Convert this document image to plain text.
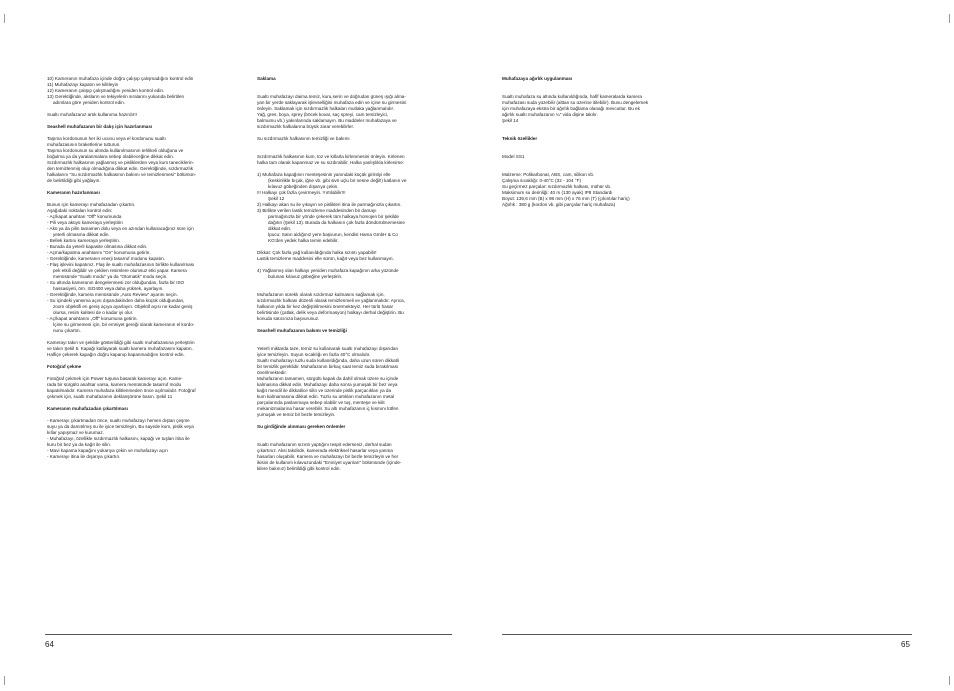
10) Kameranın muhafaza içinde doğru çalışıp çalışmadığını kontrol edin

11) Muhafazayı kapatın ve kilitleyin

12) Kameranın çalışıp çalışmadığını yeniden kontrol edin.

13) Gerektiğinde, aksların ve tekiyelerin sıralarını yukarıda belirtilen

adımlara göre yeniden kontrol edin.

Sualtı muhafazanız artık kullanıma hazırdır!!

Seashell muhafazanın bir dalış için hazırlanması

Taşıma kordonunun her iki ucunu veya el kordonunu sualtı

muhafazasının braketlerine tutturun.

Taşıma kordonunun su altında kullanılmasının tehlikeli olduğuna ve

boğulma ya da yaralanmalara sebep olabileceğine dikkat edin.

Sızdırmazlık halkasının yağlanmış ve pisliklerden veya kum taneciklerin-

den temizlenmiş olup olmadığına dikkat edin. Gerektiğinde, sızdırmazlık

halkalarını "Su sızdırmazlık halkasının bakımı ve temizlenmesi" bölümün-

de belirtildiği gibi yağlayın.

Kameranın hazırlanması

Bunun için kamerayı muhafazadan çıkartın.

Aşağıdaki noktaları kontrol edin:

- Aç/kapat anahtarı "Off" konumunda

- Pili veya aküyü kameraya yerleştirin

- Akü ya da pilin tamamen dolu veya en azından kullanacağınız süre için

yeterli olmasına dikkat edin.

- Bellek kartını kameraya yerleştirin.

- Burada da yeterli kapasite olmasına dikkat edin.

- Açma/kapatma anahtarını "On" konumuna getirin.

- Gerektiğinde, kameranın enerji tasarruf modunu kapatın.

- Flaş işlevini kapatınız. Flaş ile sualtı muhafazasının birlikte kullanılması

pek etkili değildir ve çekilen resimlere olumsuz etki yapar. Kamera

menüsünde "Sualtı modu" ya da "Otomatik" modu seçin.

- Su altında kameranın dengelenmesi zor olduğundan, fazla bir ISO

hassasiyeti, örn. ISO400 veya daha yüksek, ayarlayın.

- Gerektiğinde, kamera menüsünde „Auto Review" ayarını seçin.

- Su içindeki yansıma açısı dışarıdakinden daha küçük olduğundan,

zoom objektifi en geniş açıya ayarlayın. Objektif açısı ne kadar geniş

olursa, resim kalitesi de o kadar iyi olur.

- Aç/kapat anahtarını „Off" konumuna getirin.

İçine su girmemesi için, bir emniyet gereği olarak kameranın el kordo-

nunu çıkartın.

Kamerayı takın ve şekilde gösterildiği gibi sualtı muhafazasına yerleştirin

ve takın Şekil 5. Kapağı katlayarak sualtı kamera muhafazasını kapatın.

Halfiçe çekerek kapağın doğru kapanıp kapanmadığını kontrol edin.

Fotoğraf çekme

Fotoğraf çekmek için Power tuşuna basarak kamerayı açın. Kame-

rada bir sürgülü anahtar varsa, kamera menüsünde tasarruf modu

kapatılmalıdır. Kamera muhafaza kilitlenmeden önce açılmalıdır. Fotoğraf

çekmek için, sualtı muhafazanın deklanşörüne basın. Şekil 11

Kameranın muhafazadan çıkartılması

- Kamerayı çıkartmadan önce, sualtı muhafazayı hemen dıştan çeşme

suyu ya da damıtılmış su ile iyice temizleyin, Bu sayede kum, pislik veya

kıllar yapışmaz ve kurumaz.

- Muhafazayı, özellikle sızdırmazlık halkasını, kapağı ve tuşları itina ile

kuru bir bez ya da kağıt ile silin.

- Mavi kapama kapağını yukarıya çekin ve muhafazayı açın

- Kamerayı itina ile dışarıya çıkartın.

Saklama

Sualtı muhafazayı daima temiz, kuru,serin ve doğrudan güneş ışığı alma-

yan bir yerde saklayarak işlevselliğini muhafaza edin ve içine su girmesini

önleyin. Saklamak için sızdırmazlık halkaları mutlaka yağlanmalıdır.

Yağ, gres, boya, sprey (böcek kovar, saç spreyi, cam temizleyici,

balmumu vb.) yakınlarında saklamayın. Bu maddeler muhafazaya ve

sızdırmazlık halkalarına büyük zarar verebilirler.

Su sızdırmazlık halkasının temizliği ve bakımı

Sızdırmazlık halkasının kum, toz ve kıllarla kirlenmesini önleyin. Kirlenen

halka tam olarak kapanmaz ve su sızdırabilir. Halka yanlışlıkla kirlenirse:

1) Muhafaza kapağının menteşesinin yanındaki küçük girintiyi elle

(keskinlikle bıçak, iğne vb. gibi sivri uçlu bir nesne değil!) katlanın ve

kılavuz göbeğinden dışarıya çekin.

!!! Halkayı çok fazla çevirmeyin. Yırtılabilir!!!

Şekil 12

2) Halkayı akan su ile yıkayın ve pislikleri itina ile parmağınızla çıkartın.

3) Birlikte verilen lastik temizleme maddesinden bir damayı

parmağınızla bir yönde çekerek tüm halkaya homojen bir şekilde

dağıtın (Şekil 13). Burada da halkanın çok fazla döndürülmemesine

dikkat edin.

İpucu: Satın aldığınız yere başvurun, kendisi Hama GmbH & Co

KG'den yedek halka temin edebilir.

Dikkat: Çok fazla yağ kullanıldığında halka sızıntı yapabilir!

Lastik temizleme maddesini elle sürün, kağıt veya bez kullanmayın.

4) Yağlanmış olan halkayı yeniden muhafaza kapağının arka yüzünde

bulunan kılavuz göbeğine yerleştirin.

Muhafazanın süreklı olarak sızdırmaz kalmasını sağlamak için,

sızdırmazlık halkası düzenli olarak temizlenmeli ve yağlanmalıdır. Ayrıca,

halkanın yılda bir kez değiştirilmesini önermekteyiz. Her türlü hasar

belirtisinde (çatlak, delik veya deformasyon) halkayı derhal değiştirin. Bu

konuda satıcınıza başvurunuz.

Seashell muhafazanın bakımı ve temizliği

Yeterli miktarda taze, temiz su kullanarak sualtı muhafazayı dışarıdan

iyice temizleyin. Suyun sıcaklığı en fazla 40°C olmalıdır.

Sualtı muhafazayı tuzlu suda kullanıldığında, daha uzun süren dikkatli

bir temizlik gereklidir. Muhafazanın birkaç saat temiz suda bırakılması

önerilmektedir.

Muhafazanın tamamen, sürgülü kapak da dahil olmak üzere su içinde

kalmasına dikkat edin. Muhafazayı daha sonra yumuşak bir bez veya

kağıt mendil ile dikkatlice silin ve üzerinde pislik parçacıkları ya da

kum kalmamasına dikkat edin. Tuzlu su artıkları muhafazanın metal

parçalarında paslanmaya sebep olabilir ve tuş, menteşe ve kilit

mekanizmalarına hasar verebilir. Su altı muhafazanın iç kısmını lütfen

yumuşak ve temiz bir bezle temizleyin.

Su girdiğinde alınması gereken önlemler

Sualtı muhafazanın sızıntı yaptığını tespit ederseniz, derhal sudan

çıkartınız. Aksi takdirde, kamerada elektriksel hasarlar veya yanma

hasarları oluşabilir. Kamera ve muhafazayı bir bezle temizleyin ve her

ikisini de kullanım kılavuzundaki "Emniyet uyarıları" bölümünde (içinde-

kilere bakınız) belirtildiği gibi kontrol edin.

Muhafazaya ağırlık uygulanması

Sualtı muhafaza su altında kullanıldığında, hafif kameralarda kamera

muhafazası suda yüzebilir (alttan su üzerine itilebilir). Bunu dengelemek

için muhafazaya ekstra bir ağırlık bağlama olanağı mevcuttur. Bu ek

ağırlık sualtı muhafazanın ¼" vida dişine takılır.

Şekil 14

Teknik özellikler

Model SS1

Malzeme: Polikarbonat, ABS, cam, silikon vb.

Çalışma sıcaklığı: 0-40°C (32 - 104 °F)

Su geçirmez parçalar: sızdırmazlık halkası, mühür vb.

Maksimum su derinliği: 40 m (130 ayak) IP8 Standardı

Boyut: 139,6 mm (B) x 98 mm (H) x 76 mm (T) (çıkıntılar hariç)

Ağırlık : 380 g (kordon vb. gibi parçalar hariç muhafaza)

64	65
